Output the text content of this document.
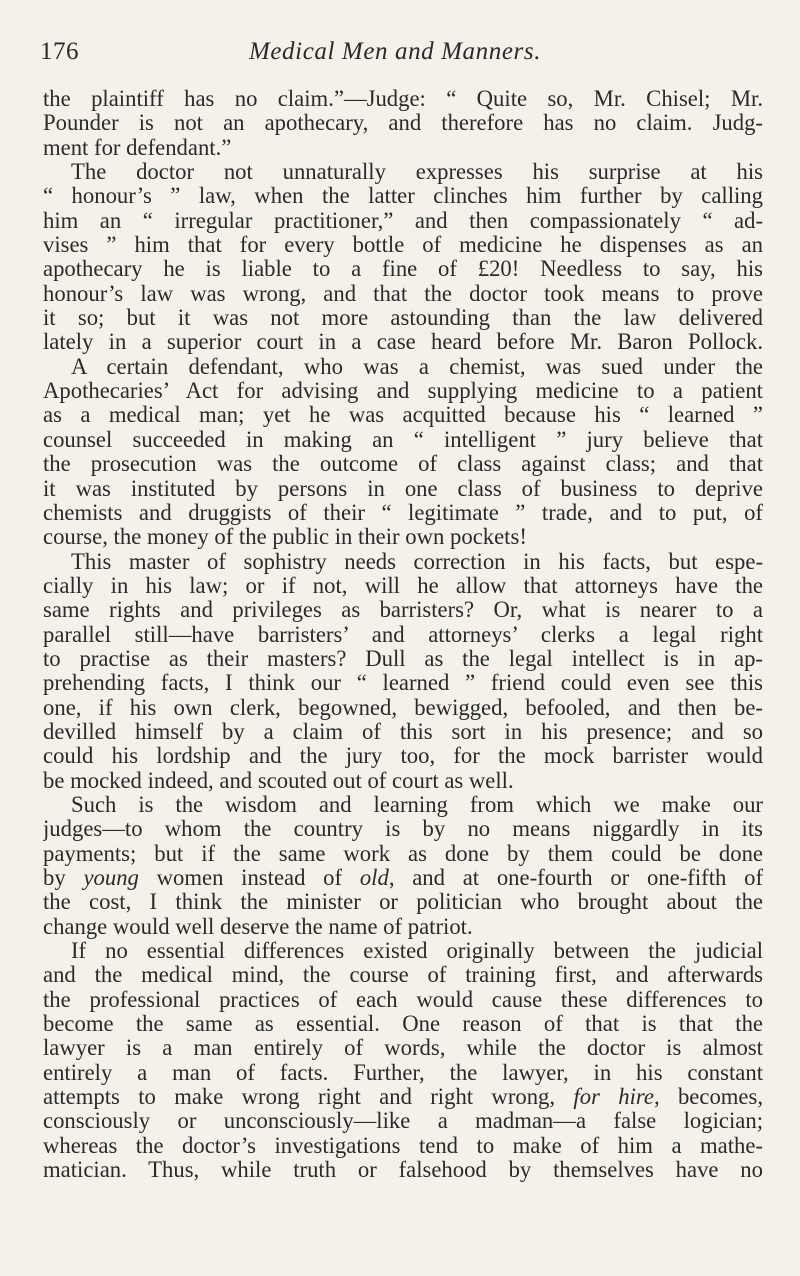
176	Medical Men and Manners.
the plaintiff has no claim.”—Judge: “ Quite so, Mr. Chisel; Mr.
Pounder is not an apothecary, and therefore has no claim. Judg-
ment for defendant.”
The doctor not unnaturally expresses his surprise at his
“ honour’s ” law, when the latter clinches him further by calling
him an “ irregular practitioner,” and then compassionately “ ad-
vises ” him that for every bottle of medicine he dispenses as an
apothecary he is liable to a fine of £20! Needless to say, his
honour’s law was wrong, and that the doctor took means to prove
it so; but it was not more astounding than the law delivered
lately in a superior court in a case heard before Mr. Baron Pollock.
A certain defendant, who was a chemist, was sued under the
Apothecaries’ Act for advising and supplying medicine to a patient
as a medical man; yet he was acquitted because his “ learned ”
counsel succeeded in making an “ intelligent ” jury believe that
the prosecution was the outcome of class against class; and that
it was instituted by persons in one class of business to deprive
chemists and druggists of their “ legitimate ” trade, and to put, of
course, the money of the public in their own pockets!
This master of sophistry needs correction in his facts, but espe-
cially in his law; or if not, will he allow that attorneys have the
same rights and privileges as barristers? Or, what is nearer to a
parallel still—have barristers’ and attorneys’ clerks a legal right
to practise as their masters? Dull as the legal intellect is in ap-
prehending facts, I think our “ learned ” friend could even see this
one, if his own clerk, begowned, bewigged, befooled, and then be-
devilled himself by a claim of this sort in his presence; and so
could his lordship and the jury too, for the mock barrister would
be mocked indeed, and scouted out of court as well.
Such is the wisdom and learning from which we make our
judges—to whom the country is by no means niggardly in its
payments; but if the same work as done by them could be done
by young women instead of old, and at one-fourth or one-fifth of
the cost, I think the minister or politician who brought about the
change would well deserve the name of patriot.
If no essential differences existed originally between the judicial
and the medical mind, the course of training first, and afterwards
the professional practices of each would cause these differences to
become the same as essential. One reason of that is that the
lawyer is a man entirely of words, while the doctor is almost
entirely a man of facts. Further, the lawyer, in his constant
attempts to make wrong right and right wrong, for hire, becomes,
consciously or unconsciously—like a madman—a false logician;
whereas the doctor’s investigations tend to make of him a mathe-
matician. Thus, while truth or falsehood by themselves have no
